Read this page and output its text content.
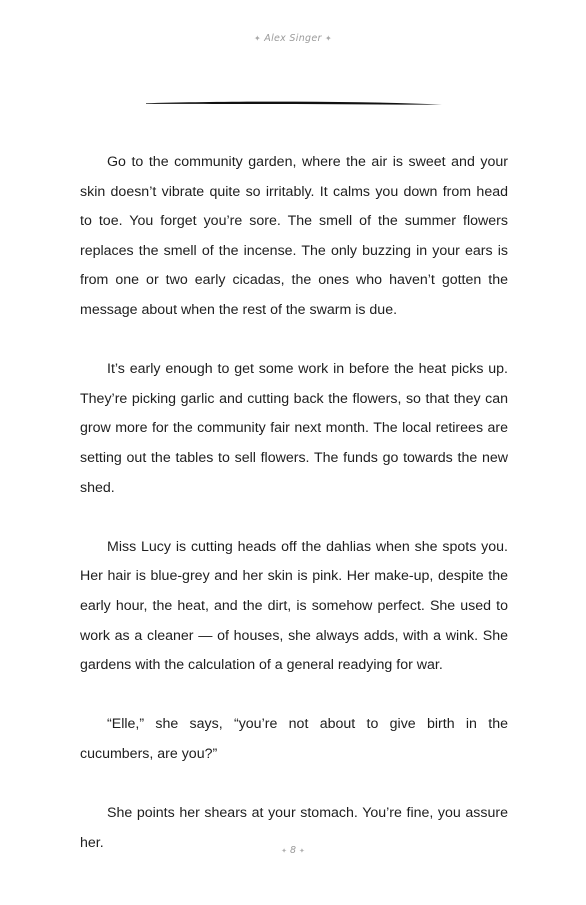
✦ Alex Singer ✦

Go to the community garden, where the air is sweet and your skin doesn’t vibrate quite so irritably. It calms you down from head to toe. You forget you’re sore. The smell of the summer flowers replaces the smell of the incense. The only buzzing in your ears is from one or two early cicadas, the ones who haven’t gotten the message about when the rest of the swarm is due.

It’s early enough to get some work in before the heat picks up. They’re picking garlic and cutting back the flowers, so that they can grow more for the community fair next month. The local retirees are setting out the tables to sell flowers. The funds go towards the new shed.

Miss Lucy is cutting heads off the dahlias when she spots you. Her hair is blue-grey and her skin is pink. Her make-up, despite the early hour, the heat, and the dirt, is somehow perfect. She used to work as a cleaner — of houses, she always adds, with a wink. She gardens with the calculation of a general readying for war.

“Elle,” she says, “you’re not about to give birth in the cucumbers, are you?”

She points her shears at your stomach. You’re fine, you assure her.

✦ 8 ✦
